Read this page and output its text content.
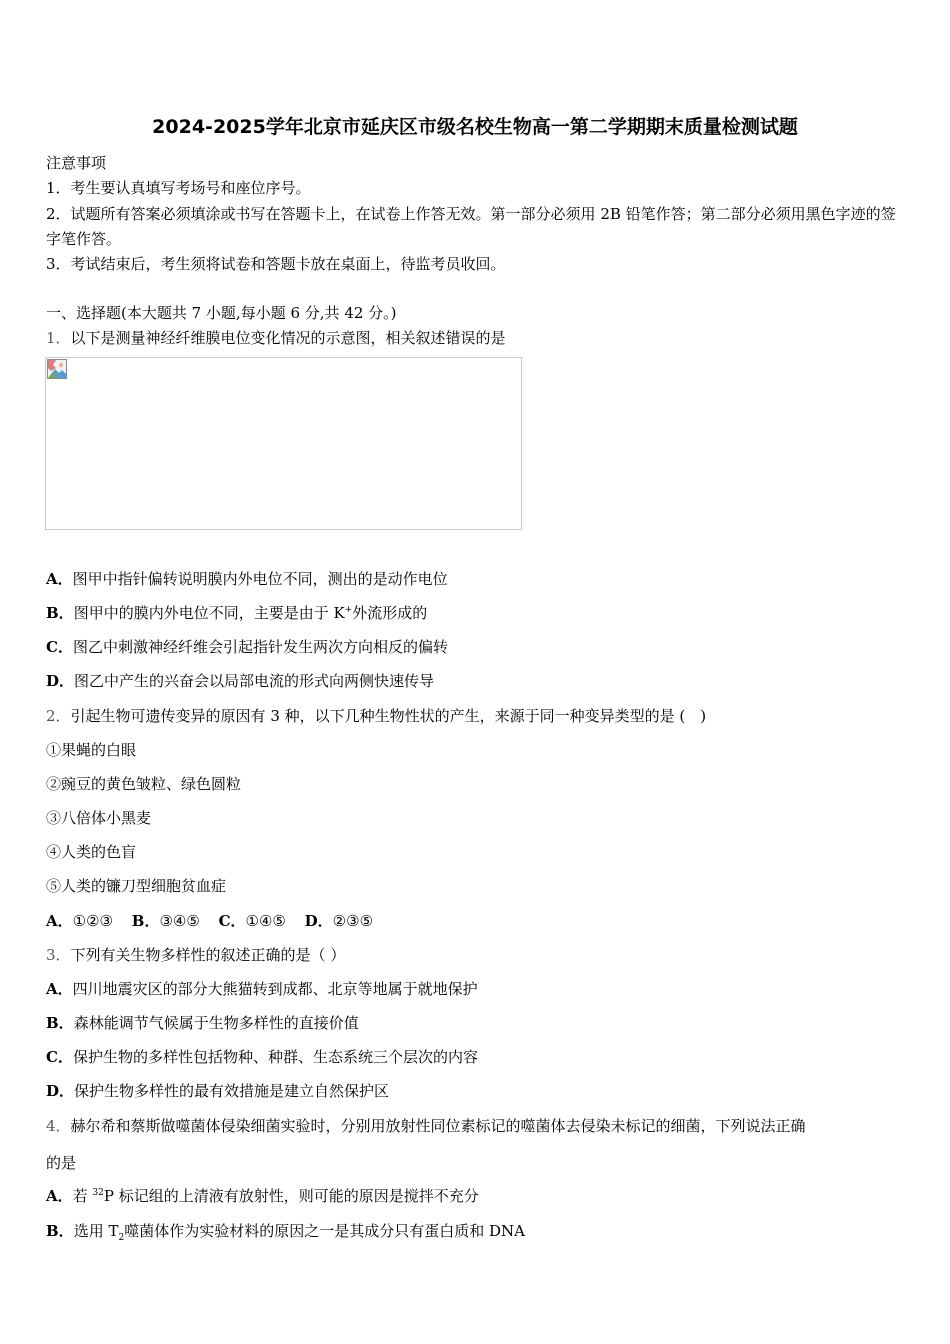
2024-2025学年北京市延庆区市级名校生物高一第二学期期末质量检测试题
注意事项
1．考生要认真填写考场号和座位序号。
2．试题所有答案必须填涂或书写在答题卡上，在试卷上作答无效。第一部分必须用 2B 铅笔作答；第二部分必须用黑色字迹的签字笔作答。
3．考试结束后，考生须将试卷和答题卡放在桌面上，待监考员收回。
一、选择题(本大题共 7 小题,每小题 6 分,共 42 分。)
1．以下是测量神经纤维膜电位变化情况的示意图，相关叙述错误的是
A．图甲中指针偏转说明膜内外电位不同，测出的是动作电位
B．图甲中的膜内外电位不同，主要是由于 K+外流形成的
C．图乙中刺激神经纤维会引起指针发生两次方向相反的偏转
D．图乙中产生的兴奋会以局部电流的形式向两侧快速传导
2．引起生物可遗传变异的原因有 3 种，以下几种生物性状的产生，来源于同一种变异类型的是 (　)
①果蝇的白眼
②豌豆的黄色皱粒、绿色圆粒
③八倍体小黑麦
④人类的色盲
⑤人类的镰刀型细胞贫血症
A．①②③ B．③④⑤ C．①④⑤ D．②③⑤
3．下列有关生物多样性的叙述正确的是（ ）
A．四川地震灾区的部分大熊猫转到成都、北京等地属于就地保护
B．森林能调节气候属于生物多样性的直接价值
C．保护生物的多样性包括物种、种群、生态系统三个层次的内容
D．保护生物多样性的最有效措施是建立自然保护区
4．赫尔希和蔡斯做噬菌体侵染细菌实验时，分别用放射性同位素标记的噬菌体去侵染未标记的细菌，下列说法正确
的是
A．若 $^{32}$P 标记组的上清液有放射性，则可能的原因是搅拌不充分
B．选用 $T_2$噬菌体作为实验材料的原因之一是其成分只有蛋白质和 DNA
